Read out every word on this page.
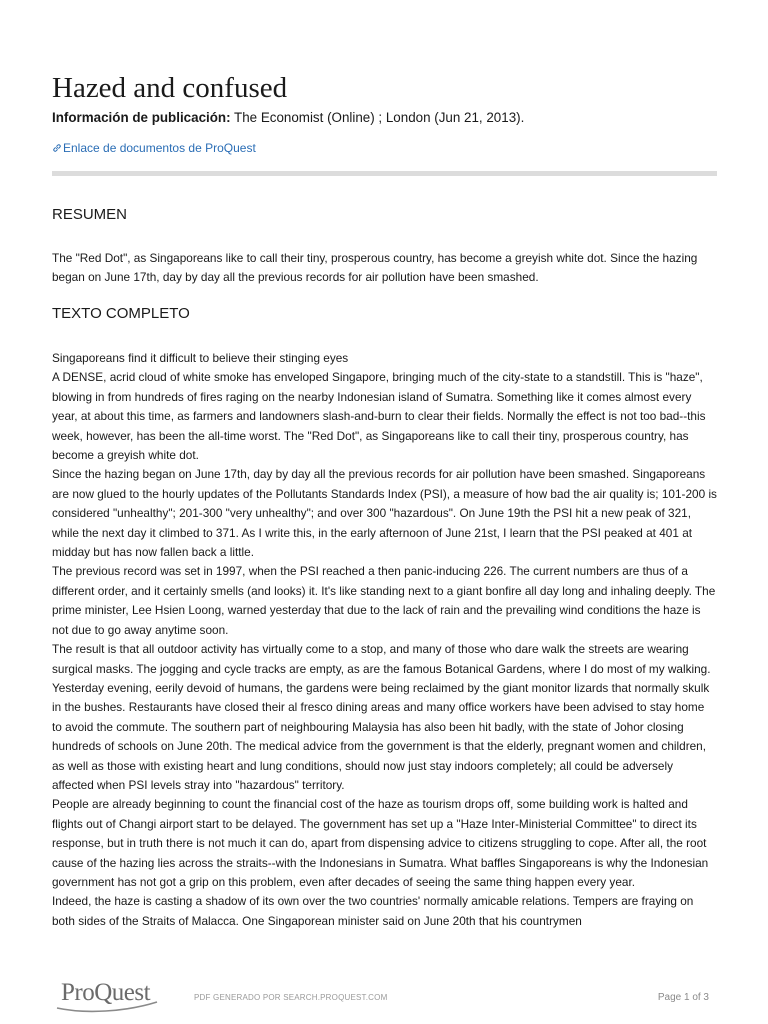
Hazed and confused
Información de publicación: The Economist (Online) ; London (Jun 21, 2013).
Enlace de documentos de ProQuest
RESUMEN

The "Red Dot", as Singaporeans like to call their tiny, prosperous country, has become a greyish white dot. Since the hazing began on June 17th, day by day all the previous records for air pollution have been smashed.

TEXTO COMPLETO

Singaporeans find it difficult to believe their stinging eyes

A DENSE, acrid cloud of white smoke has enveloped Singapore, bringing much of the city-state to a standstill. This is "haze", blowing in from hundreds of fires raging on the nearby Indonesian island of Sumatra. Something like it comes almost every year, at about this time, as farmers and landowners slash-and-burn to clear their fields. Normally the effect is not too bad--this week, however, has been the all-time worst. The "Red Dot", as Singaporeans like to call their tiny, prosperous country, has become a greyish white dot.

Since the hazing began on June 17th, day by day all the previous records for air pollution have been smashed. Singaporeans are now glued to the hourly updates of the Pollutants Standards Index (PSI), a measure of how bad the air quality is; 101-200 is considered "unhealthy"; 201-300 "very unhealthy"; and over 300 "hazardous". On June 19th the PSI hit a new peak of 321, while the next day it climbed to 371. As I write this, in the early afternoon of June 21st, I learn that the PSI peaked at 401 at midday but has now fallen back a little.

The previous record was set in 1997, when the PSI reached a then panic-inducing 226. The current numbers are thus of a different order, and it certainly smells (and looks) it. It's like standing next to a giant bonfire all day long and inhaling deeply. The prime minister, Lee Hsien Loong, warned yesterday that due to the lack of rain and the prevailing wind conditions the haze is not due to go away anytime soon.

The result is that all outdoor activity has virtually come to a stop, and many of those who dare walk the streets are wearing surgical masks. The jogging and cycle tracks are empty, as are the famous Botanical Gardens, where I do most of my walking. Yesterday evening, eerily devoid of humans, the gardens were being reclaimed by the giant monitor lizards that normally skulk in the bushes. Restaurants have closed their al fresco dining areas and many office workers have been advised to stay home to avoid the commute. The southern part of neighbouring Malaysia has also been hit badly, with the state of Johor closing hundreds of schools on June 20th. The medical advice from the government is that the elderly, pregnant women and children, as well as those with existing heart and lung conditions, should now just stay indoors completely; all could be adversely affected when PSI levels stray into "hazardous" territory.

People are already beginning to count the financial cost of the haze as tourism drops off, some building work is halted and flights out of Changi airport start to be delayed. The government has set up a "Haze Inter-Ministerial Committee" to direct its response, but in truth there is not much it can do, apart from dispensing advice to citizens struggling to cope. After all, the root cause of the hazing lies across the straits--with the Indonesians in Sumatra. What baffles Singaporeans is why the Indonesian government has not got a grip on this problem, even after decades of seeing the same thing happen every year.

Indeed, the haze is casting a shadow of its own over the two countries' normally amicable relations. Tempers are fraying on both sides of the Straits of Malacca. One Singaporean minister said on June 20th that his countrymen

ProQuest	PDF GENERADO POR SEARCH.PROQUEST.COM	Page 1 of 3
